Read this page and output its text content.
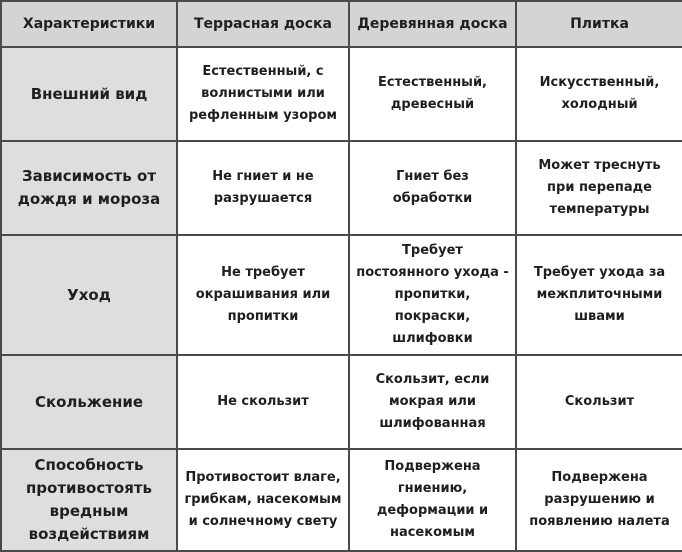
Характеристики	Террасная доска	Деревянная доска	Плитка
Внешний вид	Естественный, с волнистыми или рефленным узором	Естественный, древесный	Искусственный, холодный
Зависимость от дождя и мороза	Не гниет и не разрушается	Гниет без обработки	Может треснуть при перепаде температуры
Уход	Не требует окрашивания или пропитки	Требует постоянного ухода - пропитки, покраски, шлифовки	Требует ухода за межплиточными швами
Скольжение	Не скользит	Скользит, если мокрая или шлифованная	Скользит
Способность противостоять вредным воздействиям	Противостоит влаге, грибкам, насекомым и солнечному свету	Подвержена гниению, деформации и насекомым	Подвержена разрушению и появлению налета
